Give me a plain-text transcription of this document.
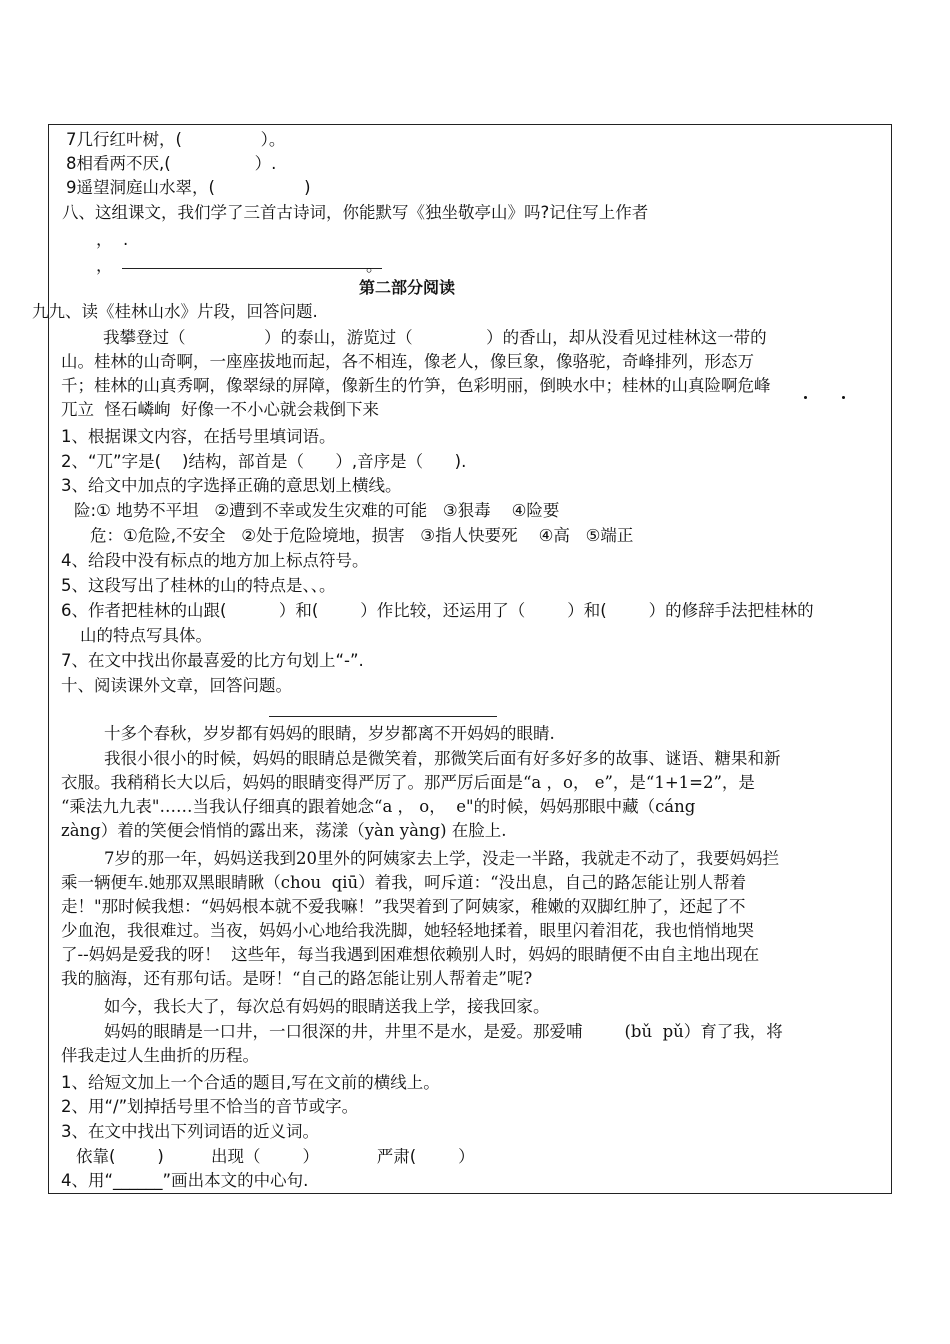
7几行红叶树，(               ）。
8相看两不厌,(                ）.
9遥望洞庭山水翠，(                 )
八、这组课文，我们学了三首古诗词，你能默写《独坐敬亭山》吗?记住写上作者
，  .
，	。
第二部分阅读
九九、读《桂林山水》片段，回答问题.
我攀登过（               ）的泰山，游览过（              ）的香山，却从没看见过桂林这一带的
山。桂林的山奇啊，一座座拔地而起，各不相连，像老人，像巨象，像骆驼，奇峰排列，形态万
千；桂林的山真秀啊，像翠绿的屏障，像新生的竹笋，色彩明丽，倒映水中；桂林的山真险啊危峰
兀立  怪石嶙峋  好像一不小心就会栽倒下来
1、根据课文内容，在括号里填词语。
2、“兀”字是(    )结构，部首是（      ）,音序是（      ).
3、给文中加点的字选择正确的意思划上横线。
险:① 地势不平坦   ②遭到不幸或发生灾难的可能   ③狠毒    ④险要
危：①危险,不安全   ②处于危险境地，损害   ③指人快要死    ④高   ⑤端正
4、给段中没有标点的地方加上标点符号。
5、这段写出了桂林的山的特点是、、。
6、作者把桂林的山跟(          ）和(        ）作比较，还运用了（        ）和(        ）的修辞手法把桂林的
山的特点写具体。
7、在文中找出你最喜爱的比方句划上“-”.
十、阅读课外文章，回答问题。
十多个春秋，岁岁都有妈妈的眼睛，岁岁都离不开妈妈的眼睛.
我很小很小的时候，妈妈的眼睛总是微笑着，那微笑后面有好多好多的故事、谜语、糖果和新
衣服。我稍稍长大以后，妈妈的眼睛变得严厉了。那严厉后面是“a ，o， e”，是“1+1=2”，是
“乘法九九表"……当我认仔细真的跟着她念“a ， o，  e"的时候，妈妈那眼中藏（cáng
zàng）着的笑便会悄悄的露出来，荡漾（yàn yàng) 在脸上.
7岁的那一年，妈妈送我到20里外的阿姨家去上学，没走一半路，我就走不动了，我要妈妈拦
乘一辆便车.她那双黑眼睛瞅（chou  qiū）着我，呵斥道：“没出息，自己的路怎能让别人帮着
走！"那时候我想：“妈妈根本就不爱我嘛！”我哭着到了阿姨家，稚嫩的双脚红肿了，还起了不
少血泡，我很难过。当夜，妈妈小心地给我洗脚，她轻轻地揉着，眼里闪着泪花，我也悄悄地哭
了--妈妈是爱我的呀！  这些年，每当我遇到困难想依赖别人时，妈妈的眼睛便不由自主地出现在
我的脑海，还有那句话。是呀！“自己的路怎能让别人帮着走”呢?
如今，我长大了，每次总有妈妈的眼睛送我上学，接我回家。
妈妈的眼睛是一口井，一口很深的井，井里不是水，是爱。那爱哺        (bǔ  pǔ）育了我，将
伴我走过人生曲折的历程。
1、给短文加上一个合适的题目,写在文前的横线上。
2、用“/”划掉括号里不恰当的音节或字。
3、在文中找出下列词语的近义词。
依靠(        )         出现（        ）           严肃(        ）
4、用“______”画出本文的中心句.
